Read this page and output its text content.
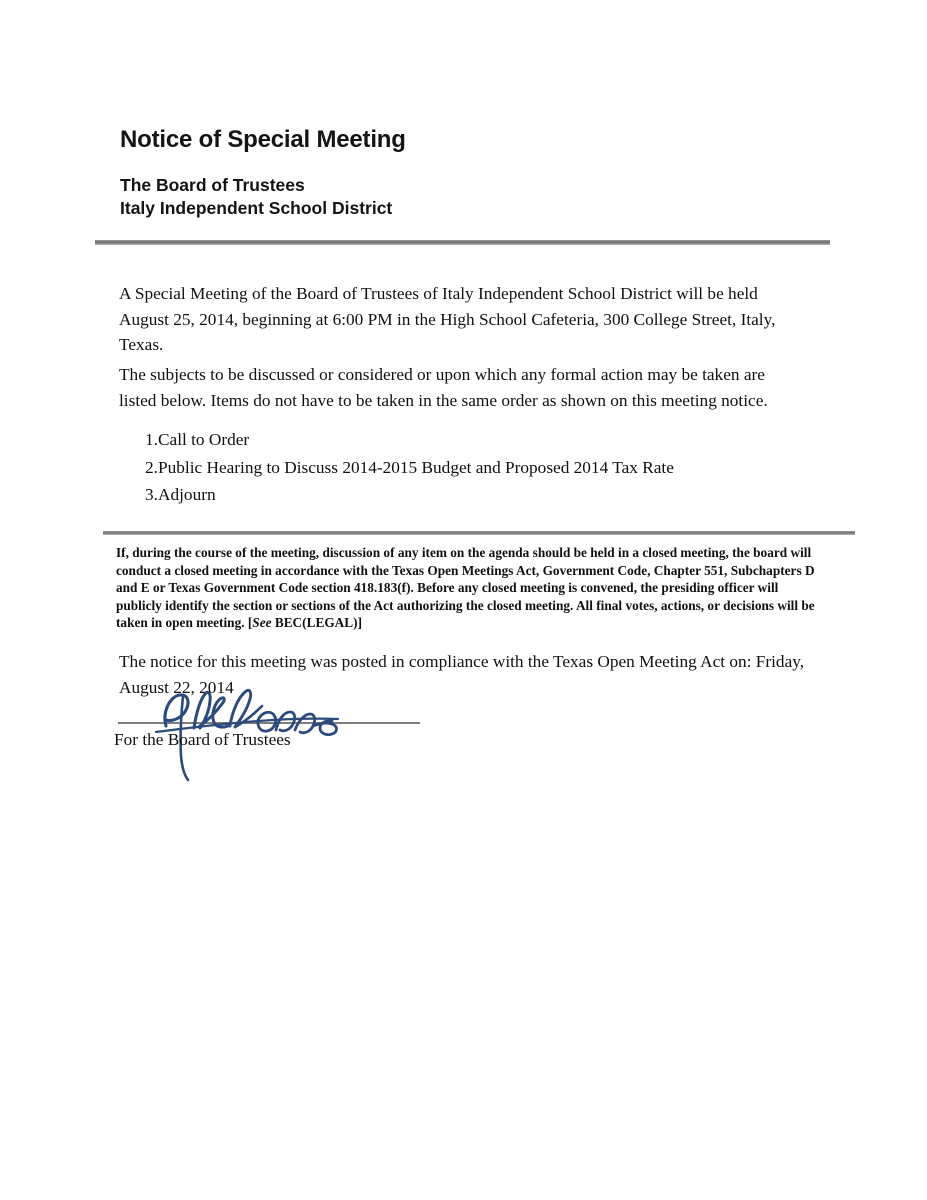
Notice of Special Meeting
The Board of Trustees
Italy Independent School District
A Special Meeting of the Board of Trustees of Italy Independent School District will be held August 25, 2014, beginning at 6:00 PM in the High School Cafeteria, 300 College Street, Italy, Texas.
The subjects to be discussed or considered or upon which any formal action may be taken are listed below. Items do not have to be taken in the same order as shown on this meeting notice.
1. Call to Order
2. Public Hearing to Discuss 2014-2015 Budget and Proposed 2014 Tax Rate
3. Adjourn
If, during the course of the meeting, discussion of any item on the agenda should be held in a closed meeting, the board will conduct a closed meeting in accordance with the Texas Open Meetings Act, Government Code, Chapter 551, Subchapters D and E or Texas Government Code section 418.183(f). Before any closed meeting is convened, the presiding officer will publicly identify the section or sections of the Act authorizing the closed meeting. All final votes, actions, or decisions will be taken in open meeting. [See BEC(LEGAL)]
The notice for this meeting was posted in compliance with the Texas Open Meeting Act on: Friday, August 22, 2014
For the Board of Trustees
